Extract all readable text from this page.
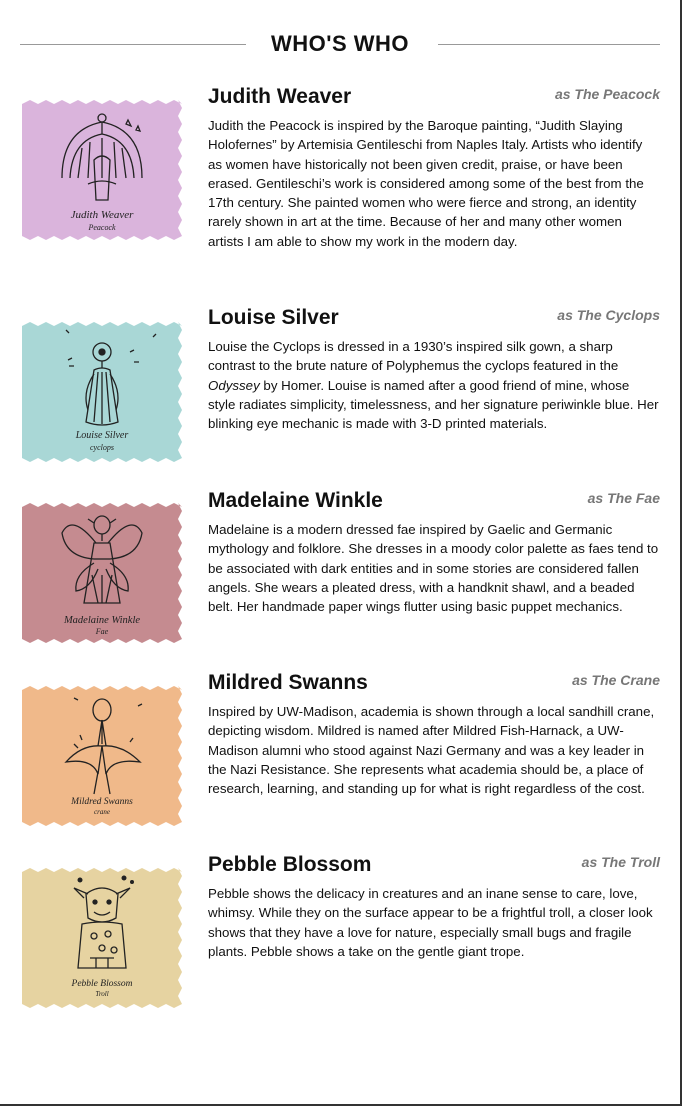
WHO'S WHO
Judith Weaver
Peacock
Judith Weaver	as The Peacock

Judith the Peacock is inspired by the Baroque painting, “Judith Slaying Holofernes” by Artemisia Gentileschi from Naples Italy. Artists who identify as women have historically not been given credit, praise, or have been erased. Gentileschi’s work is considered among some of the best from the 17th century. She painted women who were fierce and strong, an identity rarely shown in art at the time. Because of her and many other women artists I am able to show my work in the modern day.

Louise Silver
cyclops
Louise Silver	as The Cyclops

Louise the Cyclops is dressed in a 1930’s inspired silk gown, a sharp contrast to the brute nature of Polyphemus the cyclops featured in the Odyssey by Homer. Louise is named after a good friend of mine, whose style radiates simplicity, timelessness, and her signature periwinkle blue. Her blinking eye mechanic is made with 3-D printed materials.

Madelaine Winkle
Fae
Madelaine Winkle	as The Fae

Madelaine is a modern dressed fae inspired by Gaelic and Germanic mythology and folklore. She dresses in a moody color palette as faes tend to be associated with dark entities and in some stories are considered fallen angels. She wears a pleated dress, with a handknit shawl, and a beaded belt. Her handmade paper wings flutter using basic puppet mechanics.

Mildred Swanns
crane
Mildred Swanns	as The Crane

Inspired by UW-Madison, academia is shown through a local sandhill crane, depicting wisdom. Mildred is named after Mildred Fish-Harnack, a UW-Madison alumni who stood against Nazi Germany and was a key leader in the Nazi Resistance. She represents what academia should be, a place of research, learning, and standing up for what is right regardless of the cost.

Pebble Blossom
Troll
Pebble Blossom	as The Troll

Pebble shows the delicacy in creatures and an inane sense to care, love, whimsy. While they on the surface appear to be a frightful troll, a closer look shows that they have a love for nature, especially small bugs and fragile plants. Pebble shows a take on the gentle giant trope.
